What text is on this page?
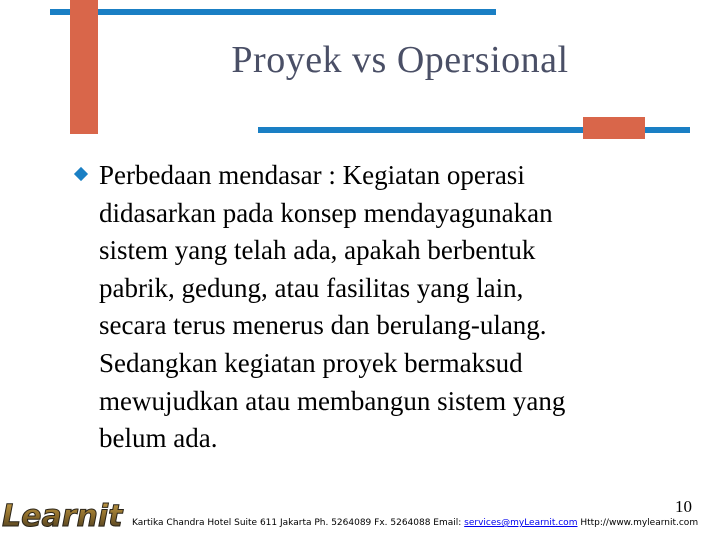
Proyek vs Opersional
Perbedaan mendasar : Kegiatan operasi
didasarkan pada konsep mendayagunakan
sistem yang telah ada, apakah berbentuk
pabrik, gedung, atau fasilitas yang lain,
secara terus menerus dan berulang-ulang.
Sedangkan kegiatan proyek bermaksud
mewujudkan atau membangun sistem yang
belum ada.
10
Learnit Kartika Chandra Hotel Suite 611 Jakarta Ph. 5264089 Fx. 5264088 Email: services@myLearnit.com Http://www.mylearnit.com
